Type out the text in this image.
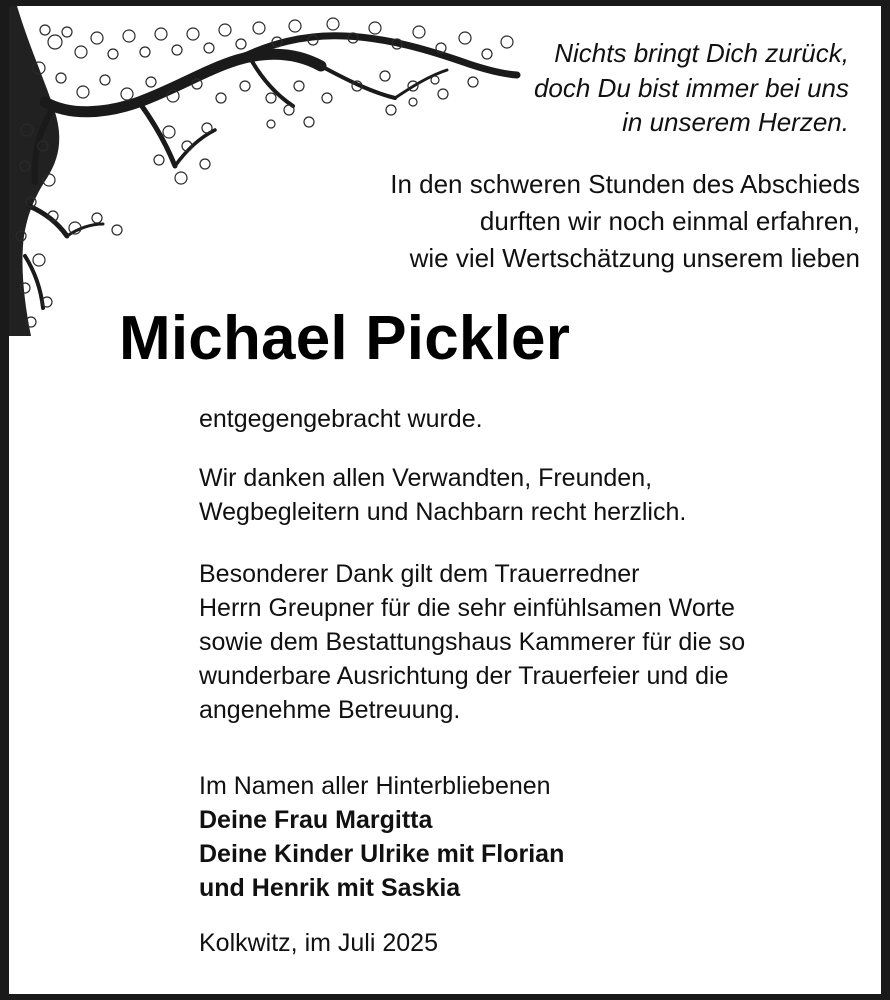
Nichts bringt Dich zurück,
doch Du bist immer bei uns
in unserem Herzen.
In den schweren Stunden des Abschieds
durften wir noch einmal erfahren,
wie viel Wertschätzung unserem lieben
Michael Pickler

entgegengebracht wurde.

Wir danken allen Verwandten, Freunden,

Wegbegleitern und Nachbarn recht herzlich.

Besonderer Dank gilt dem Trauerredner

Herrn Greupner für die sehr einfühlsamen Worte

sowie dem Bestattungshaus Kammerer für die so

wunderbare Ausrichtung der Trauerfeier und die

angenehme Betreuung.

Im Namen aller Hinterbliebenen

Deine Frau Margitta

Deine Kinder Ulrike mit Florian

und Henrik mit Saskia

Kolkwitz, im Juli 2025
